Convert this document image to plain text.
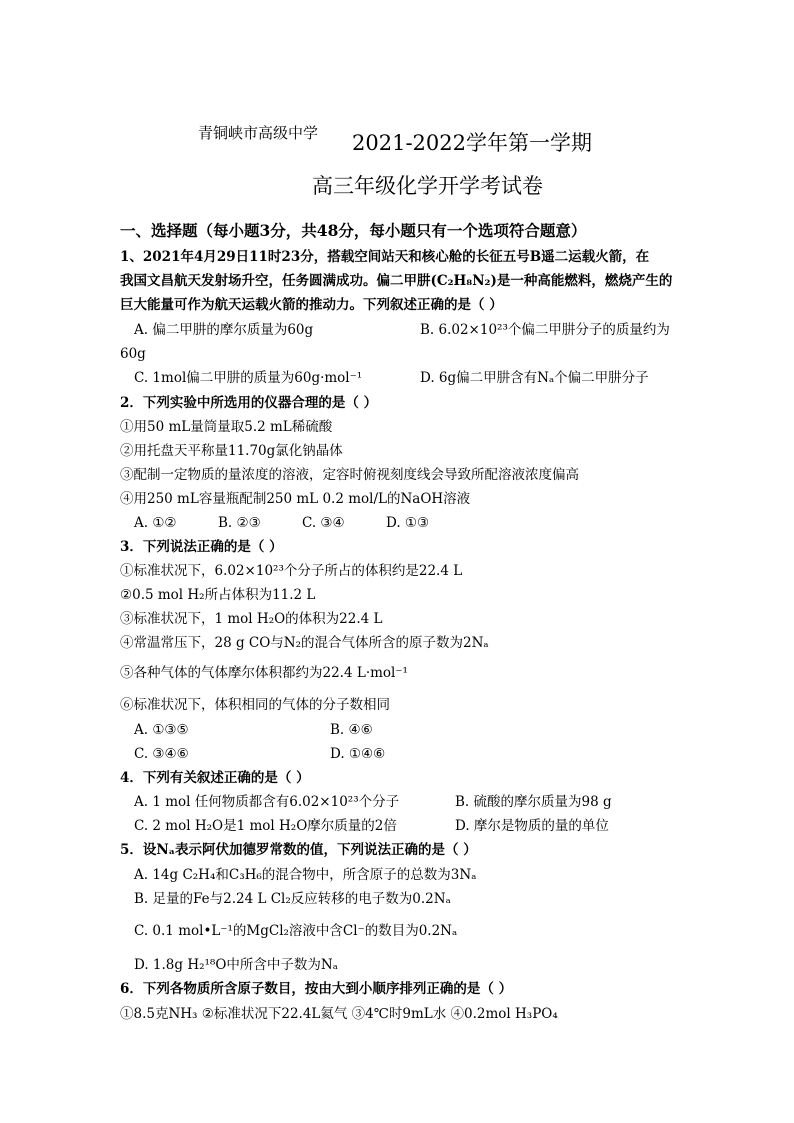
青铜峡市高级中学 2021-2022学年第一学期
高三年级化学开学考试卷
一、选择题（每小题3分，共48分，每小题只有一个选项符合题意）
1、2021年4月29日11时23分，搭载空间站天和核心舱的长征五号B遥二运载火箭，在
我国文昌航天发射场升空，任务圆满成功。偏二甲肼(C₂H₈N₂)是一种高能燃料，燃烧产生的
巨大能量可作为航天运载火箭的推动力。下列叙述正确的是（ ）
A. 偏二甲肼的摩尔质量为60g	B. 6.02×10²³个偏二甲肼分子的质量约为
60g
C. 1mol偏二甲肼的质量为60g·mol⁻¹	D. 6g偏二甲肼含有Nₐ个偏二甲肼分子
2．下列实验中所选用的仪器合理的是（ ）
①用50 mL量筒量取5.2 mL稀硫酸
②用托盘天平称量11.70g氯化钠晶体
③配制一定物质的量浓度的溶液，定容时俯视刻度线会导致所配溶液浓度偏高
④用250 mL容量瓶配制250 mL 0.2 mol/L的NaOH溶液
A. ①②	B. ②③	C. ③④	D. ①③
3．下列说法正确的是（ ）
①标准状况下，6.02×10²³个分子所占的体积约是22.4 L
②0.5 mol H₂所占体积为11.2 L
③标准状况下，1 mol H₂O的体积为22.4 L
④常温常压下，28 g CO与N₂的混合气体所含的原子数为2Nₐ
⑤各种气体的气体摩尔体积都约为22.4 L·mol⁻¹
⑥标准状况下，体积相同的气体的分子数相同
A. ①③⑤	B. ④⑥
C. ③④⑥	D. ①④⑥
4．下列有关叙述正确的是（ ）
A. 1 mol 任何物质都含有6.02×10²³个分子	B. 硫酸的摩尔质量为98 g
C. 2 mol H₂O是1 mol H₂O摩尔质量的2倍	D. 摩尔是物质的量的单位
5．设Nₐ表示阿伏加德罗常数的值，下列说法正确的是（ ）
A. 14g C₂H₄和C₃H₆的混合物中，所含原子的总数为3Nₐ
B. 足量的Fe与2.24 L Cl₂反应转移的电子数为0.2Nₐ
C. 0.1 mol•L⁻¹的MgCl₂溶液中含Cl⁻的数目为0.2Nₐ
D. 1.8g H₂¹⁸O中所含中子数为Nₐ
6．下列各物质所含原子数目，按由大到小顺序排列正确的是（ ）
①8.5克NH₃ ②标准状况下22.4L氦气 ③4℃时9mL水 ④0.2mol H₃PO₄
